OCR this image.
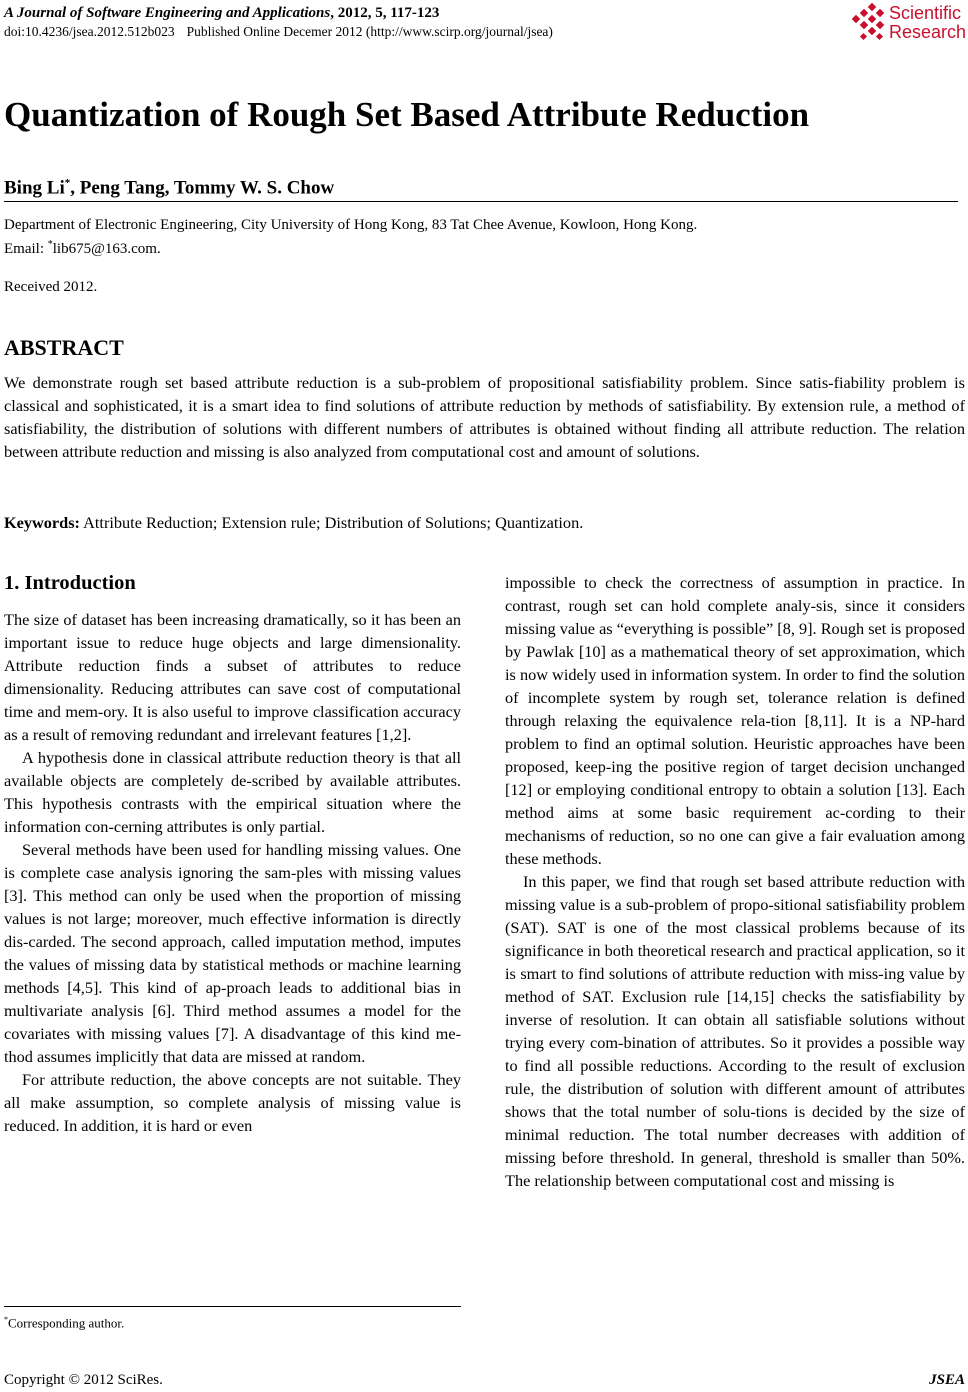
A Journal of Software Engineering and Applications, 2012, 5, 117-123
doi:10.4236/jsea.2012.512b023 Published Online Decemer 2012 (http://www.scirp.org/journal/jsea)
Scientific
Research
Quantization of Rough Set Based Attribute Reduction
Bing Li*, Peng Tang, Tommy W. S. Chow
Department of Electronic Engineering, City University of Hong Kong, 83 Tat Chee Avenue, Kowloon, Hong Kong.
Email: *lib675@163.com.
Received 2012.
ABSTRACT
We demonstrate rough set based attribute reduction is a sub-problem of propositional satisfiability problem. Since satis-fiability problem is classical and sophisticated, it is a smart idea to find solutions of attribute reduction by methods of satisfiability. By extension rule, a method of satisfiability, the distribution of solutions with different numbers of attributes is obtained without finding all attribute reduction. The relation between attribute reduction and missing is also analyzed from computational cost and amount of solutions.
Keywords: Attribute Reduction; Extension rule; Distribution of Solutions; Quantization.
1. Introduction

The size of dataset has been increasing dramatically, so it has been an important issue to reduce huge objects and large dimensionality. Attribute reduction finds a subset of attributes to reduce dimensionality. Reducing attributes can save cost of computational time and mem-ory. It is also useful to improve classification accuracy as a result of removing redundant and irrelevant features [1,2].

A hypothesis done in classical attribute reduction theory is that all available objects are completely de-scribed by available attributes. This hypothesis contrasts with the empirical situation where the information con-cerning attributes is only partial.

Several methods have been used for handling missing values. One is complete case analysis ignoring the sam-ples with missing values [3]. This method can only be used when the proportion of missing values is not large; moreover, much effective information is directly dis-carded. The second approach, called imputation method, imputes the values of missing data by statistical methods or machine learning methods [4,5]. This kind of ap-proach leads to additional bias in multivariate analysis [6]. Third method assumes a model for the covariates with missing values [7]. A disadvantage of this kind me-thod assumes implicitly that data are missed at random.

For attribute reduction, the above concepts are not suitable. They all make assumption, so complete analysis of missing value is reduced. In addition, it is hard or even

impossible to check the correctness of assumption in practice. In contrast, rough set can hold complete analy-sis, since it considers missing value as “everything is possible” [8, 9]. Rough set is proposed by Pawlak [10] as a mathematical theory of set approximation, which is now widely used in information system. In order to find the solution of incomplete system by rough set, tolerance relation is defined through relaxing the equivalence rela-tion [8,11]. It is a NP-hard problem to find an optimal solution. Heuristic approaches have been proposed, keep-ing the positive region of target decision unchanged [12] or employing conditional entropy to obtain a solution [13]. Each method aims at some basic requirement ac-cording to their mechanisms of reduction, so no one can give a fair evaluation among these methods.

In this paper, we find that rough set based attribute reduction with missing value is a sub-problem of propo-sitional satisfiability problem (SAT). SAT is one of the most classical problems because of its significance in both theoretical research and practical application, so it is smart to find solutions of attribute reduction with miss-ing value by method of SAT. Exclusion rule [14,15] checks the satisfiability by inverse of resolution. It can obtain all satisfiable solutions without trying every com-bination of attributes. So it provides a possible way to find all possible reductions. According to the result of exclusion rule, the distribution of solution with different amount of attributes shows that the total number of solu-tions is decided by the size of minimal reduction. The total number decreases with addition of missing before threshold. In general, threshold is smaller than 50%. The relationship between computational cost and missing is

*Corresponding author.
Copyright © 2012 SciRes.	JSEA
